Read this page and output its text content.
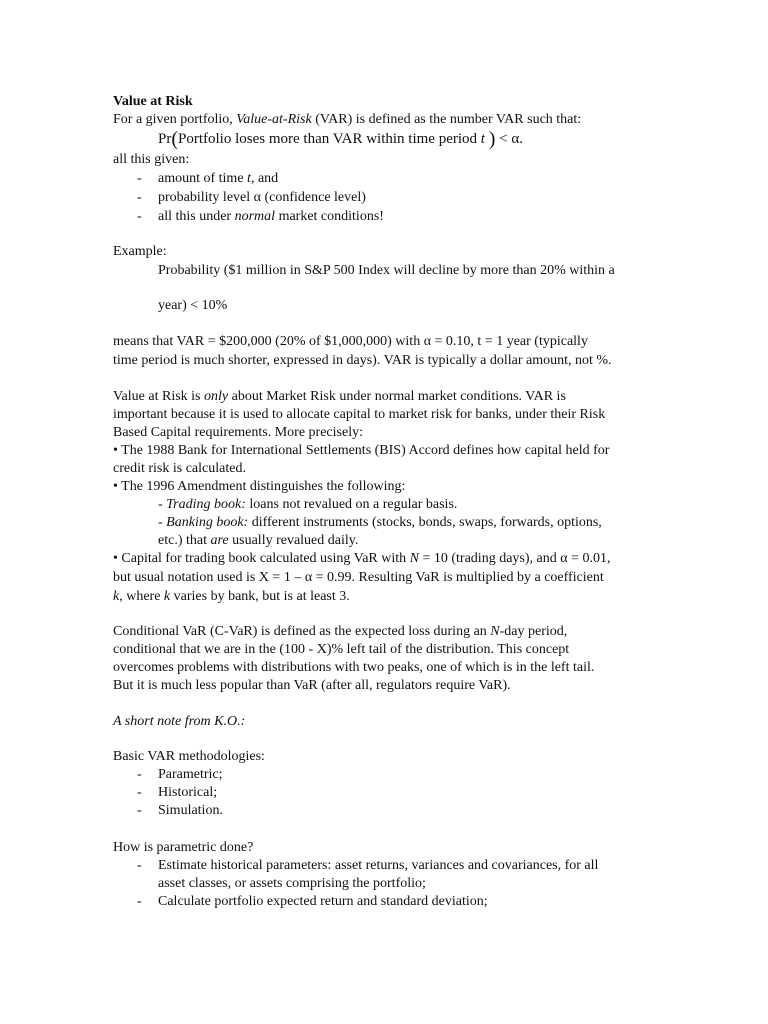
Value at Risk
For a given portfolio, Value-at-Risk (VAR) is defined as the number VAR such that:
Pr(Portfolio loses more than VAR within time period t ) < α.
all this given:
- amount of time t, and
- probability level α (confidence level)
- all this under normal market conditions!
Example:
Probability ($1 million in S&P 500 Index will decline by more than 20% within a
year) < 10%
means that VAR = $200,000 (20% of $1,000,000) with α = 0.10, t = 1 year (typically
time period is much shorter, expressed in days). VAR is typically a dollar amount, not %.
Value at Risk is only about Market Risk under normal market conditions. VAR is
important because it is used to allocate capital to market risk for banks, under their Risk
Based Capital requirements. More precisely:
• The 1988 Bank for International Settlements (BIS) Accord defines how capital held for
credit risk is calculated.
• The 1996 Amendment distinguishes the following:
- Trading book: loans not revalued on a regular basis.
- Banking book: different instruments (stocks, bonds, swaps, forwards, options,
etc.) that are usually revalued daily.
• Capital for trading book calculated using VaR with N = 10 (trading days), and α = 0.01,
but usual notation used is X = 1 – α = 0.99. Resulting VaR is multiplied by a coefficient
k, where k varies by bank, but is at least 3.
Conditional VaR (C-VaR) is defined as the expected loss during an N-day period,
conditional that we are in the (100 - X)% left tail of the distribution. This concept
overcomes problems with distributions with two peaks, one of which is in the left tail.
But it is much less popular than VaR (after all, regulators require VaR).
A short note from K.O.:
Basic VAR methodologies:
- Parametric;
- Historical;
- Simulation.
How is parametric done?
- Estimate historical parameters: asset returns, variances and covariances, for all
asset classes, or assets comprising the portfolio;
- Calculate portfolio expected return and standard deviation;
